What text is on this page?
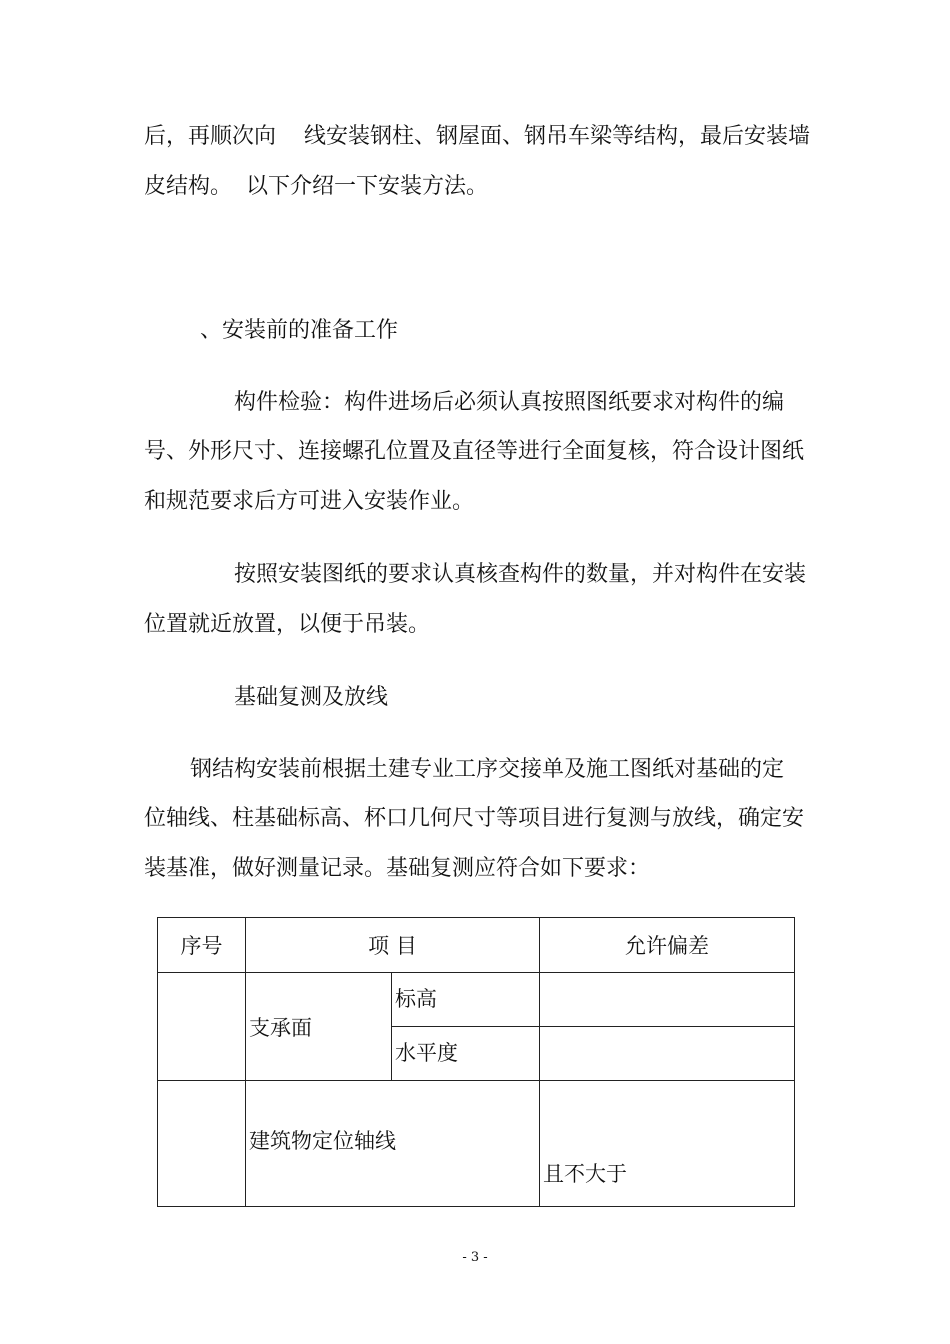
后，再顺次向    线安装钢柱、钢屋面、钢吊车梁等结构，最后安装墙
皮结构。  以下介绍一下安装方法。
、安装前的准备工作
构件检验：构件进场后必须认真按照图纸要求对构件的编
号、外形尺寸、连接螺孔位置及直径等进行全面复核，符合设计图纸
和规范要求后方可进入安装作业。
按照安装图纸的要求认真核查构件的数量，并对构件在安装
位置就近放置，以便于吊装。
基础复测及放线
钢结构安装前根据土建专业工序交接单及施工图纸对基础的定
位轴线、柱基础标高、杯口几何尺寸等项目进行复测与放线，确定安
装基准，做好测量记录。基础复测应符合如下要求：
序号	项 目		允许偏差
	支承面	标高	
		水平度	
	建筑物定位轴线		且不大于
- 3 -
